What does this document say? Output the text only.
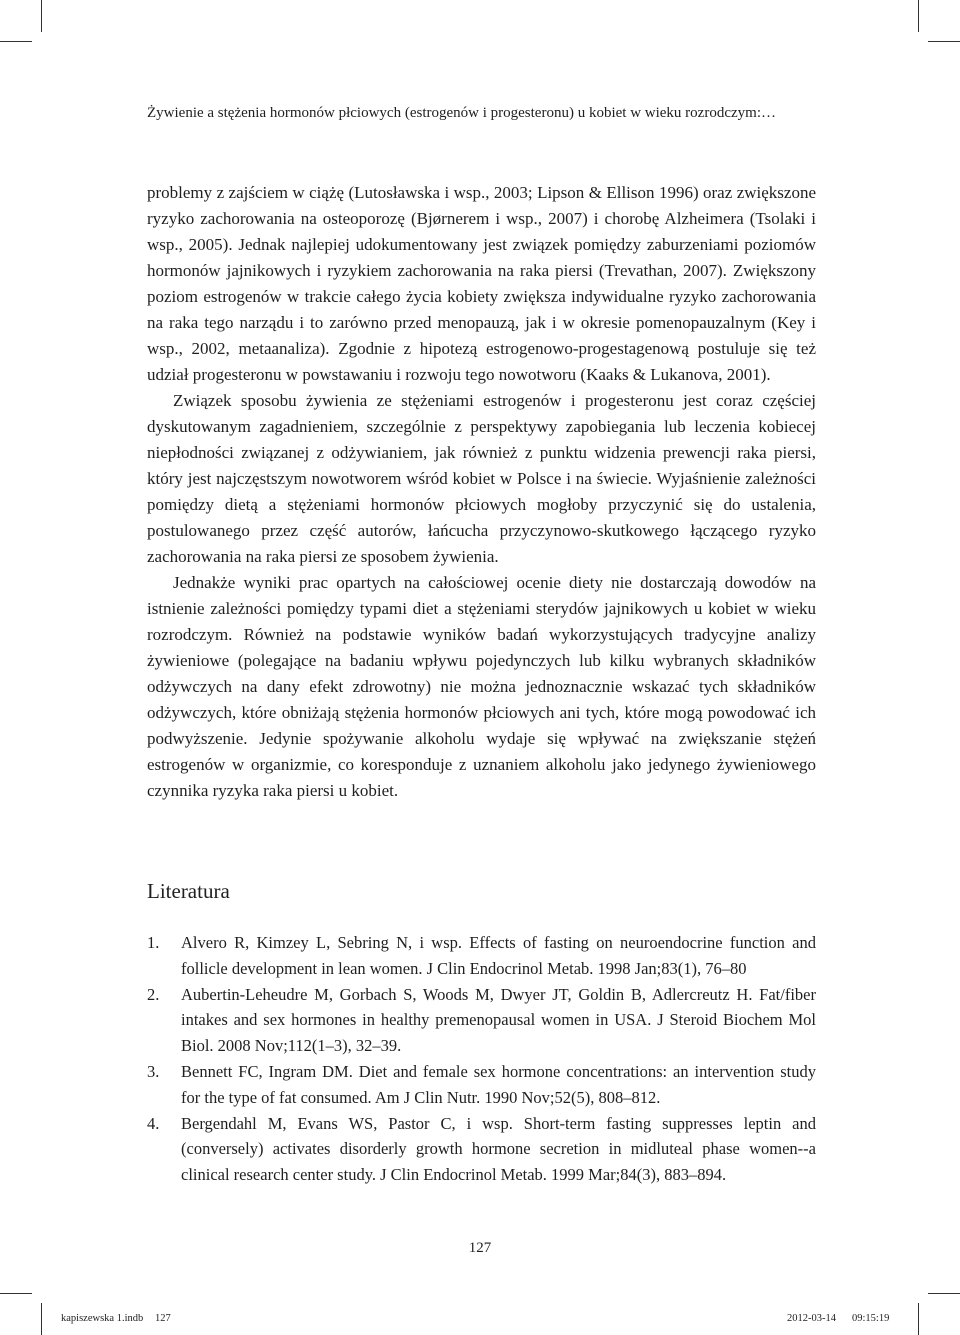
Żywienie a stężenia hormonów płciowych (estrogenów i progesteronu) u kobiet w wieku rozrodczym:…

problemy z zajściem w ciążę (Lutosławska i wsp., 2003; Lipson & Ellison 1996) oraz zwiększone ryzyko zachorowania na osteoporozę (Bjørnerem i wsp., 2007) i chorobę Alzheimera (Tsolaki i wsp., 2005). Jednak najlepiej udokumentowany jest związek pomiędzy zaburzeniami poziomów hormonów jajnikowych i ryzykiem zachorowania na raka piersi (Trevathan, 2007). Zwiększony poziom estrogenów w trakcie całego życia kobiety zwiększa indywidualne ryzyko zachorowania na raka tego narządu i to zarówno przed menopauzą, jak i w okresie pomenopauzalnym (Key i wsp., 2002, metaanaliza). Zgodnie z hipotezą estrogenowo-progestagenową postuluje się też udział progesteronu w powstawaniu i rozwoju tego nowotworu (Kaaks & Lukanova, 2001).

Związek sposobu żywienia ze stężeniami estrogenów i progesteronu jest coraz częściej dyskutowanym zagadnieniem, szczególnie z perspektywy zapobiegania lub leczenia kobiecej niepłodności związanej z odżywianiem, jak również z punktu widzenia prewencji raka piersi, który jest najczęstszym nowotworem wśród kobiet w Polsce i na świecie. Wyjaśnienie zależności pomiędzy dietą a stężeniami hormonów płciowych mogłoby przyczynić się do ustalenia, postulowanego przez część autorów, łańcucha przyczynowo-skutkowego łączącego ryzyko zachorowania na raka piersi ze sposobem żywienia.

Jednakże wyniki prac opartych na całościowej ocenie diety nie dostarczają dowodów na istnienie zależności pomiędzy typami diet a stężeniami sterydów jajnikowych u kobiet w wieku rozrodczym. Również na podstawie wyników badań wykorzystujących tradycyjne analizy żywieniowe (polegające na badaniu wpływu pojedynczych lub kilku wybranych składników odżywczych na dany efekt zdrowotny) nie można jednoznacznie wskazać tych składników odżywczych, które obniżają stężenia hormonów płciowych ani tych, które mogą powodować ich podwyższenie. Jedynie spożywanie alkoholu wydaje się wpływać na zwiększanie stężeń estrogenów w organizmie, co koresponduje z uznaniem alkoholu jako jedynego żywieniowego czynnika ryzyka raka piersi u kobiet.

Literatura
1. Alvero R, Kimzey L, Sebring N, i wsp. Effects of fasting on neuroendocrine function and follicle development in lean women. J Clin Endocrinol Metab. 1998 Jan;83(1), 76–80
2. Aubertin-Leheudre M, Gorbach S, Woods M, Dwyer JT, Goldin B, Adlercreutz H. Fat/fiber intakes and sex hormones in healthy premenopausal women in USA. J Steroid Biochem Mol Biol. 2008 Nov;112(1–3), 32–39.
3. Bennett FC, Ingram DM. Diet and female sex hormone concentrations: an intervention study for the type of fat consumed. Am J Clin Nutr. 1990 Nov;52(5), 808–812.
4. Bergendahl M, Evans WS, Pastor C, i wsp. Short-term fasting suppresses leptin and (conversely) activates disorderly growth hormone secretion in midluteal phase women--a clinical research center study. J Clin Endocrinol Metab. 1999 Mar;84(3), 883–894.
127
kapiszewska 1.indb 127	2012-03-14 09:15:19
